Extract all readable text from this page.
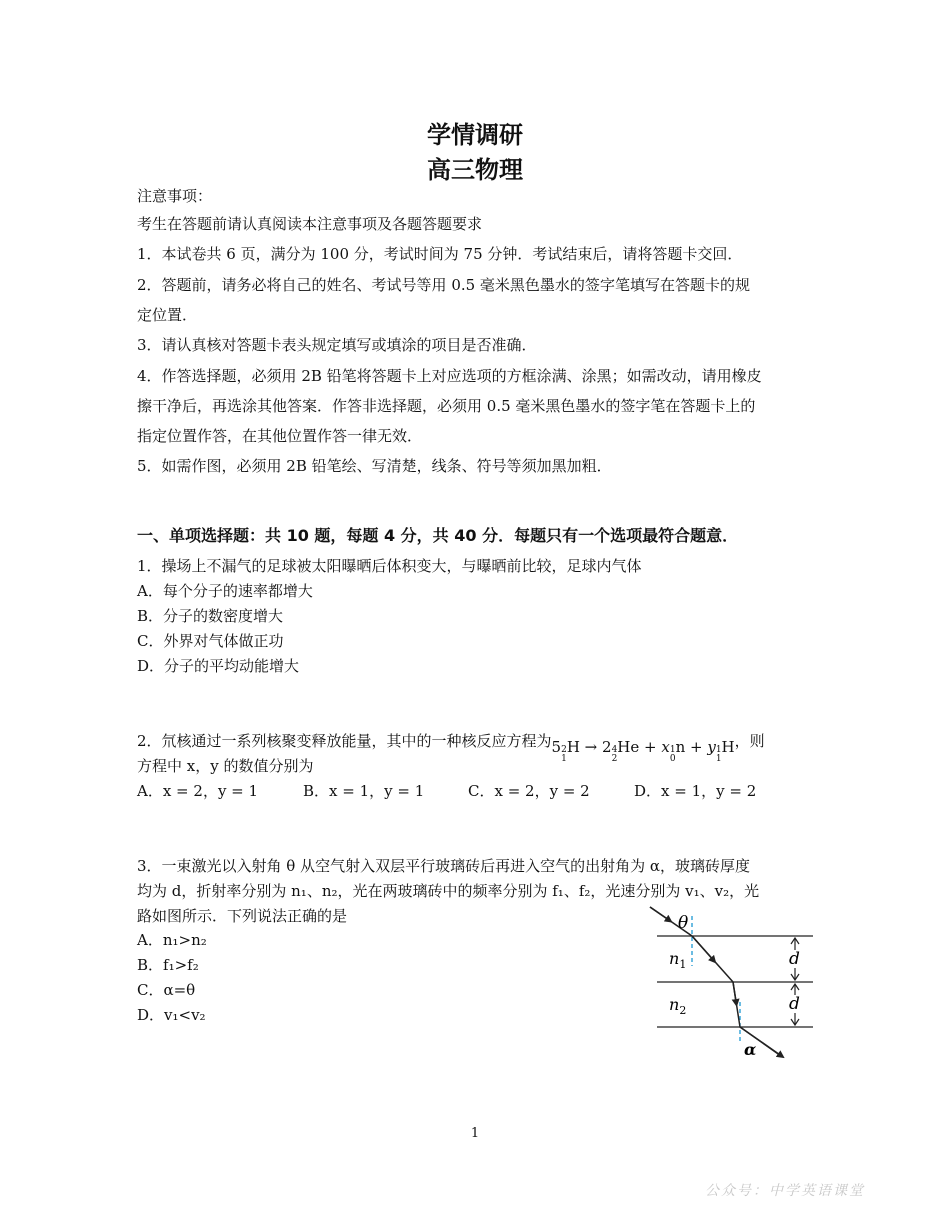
学情调研
高三物理
注意事项：
考生在答题前请认真阅读本注意事项及各题答题要求
1．本试卷共 6 页，满分为 100 分，考试时间为 75 分钟．考试结束后，请将答题卡交回．
2．答题前，请务必将自己的姓名、考试号等用 0.5 毫米黑色墨水的签字笔填写在答题卡的规
定位置．
3．请认真核对答题卡表头规定填写或填涂的项目是否准确．
4．作答选择题，必须用 2B 铅笔将答题卡上对应选项的方框涂满、涂黑；如需改动，请用橡皮
擦干净后，再选涂其他答案．作答非选择题，必须用 0.5 毫米黑色墨水的签字笔在答题卡上的
指定位置作答，在其他位置作答一律无效．
5．如需作图，必须用 2B 铅笔绘、写清楚，线条、符号等须加黑加粗．
一、单项选择题：共 10 题，每题 4 分，共 40 分．每题只有一个选项最符合题意．
1．操场上不漏气的足球被太阳曝晒后体积变大，与曝晒前比较，足球内气体
A．每个分子的速率都增大
B．分子的数密度增大
C．外界对气体做正功
D．分子的平均动能增大
2．氘核通过一系列核聚变释放能量，其中的一种核反应方程为5 2
1
H → 2 4
2
He + x 1
0
n + y 1
1
H，则
方程中 x，y 的数值分别为
A．x = 2，y = 1	B．x = 1，y = 1	C．x = 2，y = 2	D．x = 1，y = 2
3．一束激光以入射角 θ 从空气射入双层平行玻璃砖后再进入空气的出射角为 α，玻璃砖厚度
均为 d，折射率分别为 n₁、n₂，光在两玻璃砖中的频率分别为 f₁、f₂，光速分别为 v₁、v₂，光
路如图所示．下列说法正确的是
A．n₁>n₂
B．f₁>f₂
C．α=θ
D．v₁<v₂
θ
$n_1$
$n_2$
d
d
α
1
公众号：中学英语课堂
